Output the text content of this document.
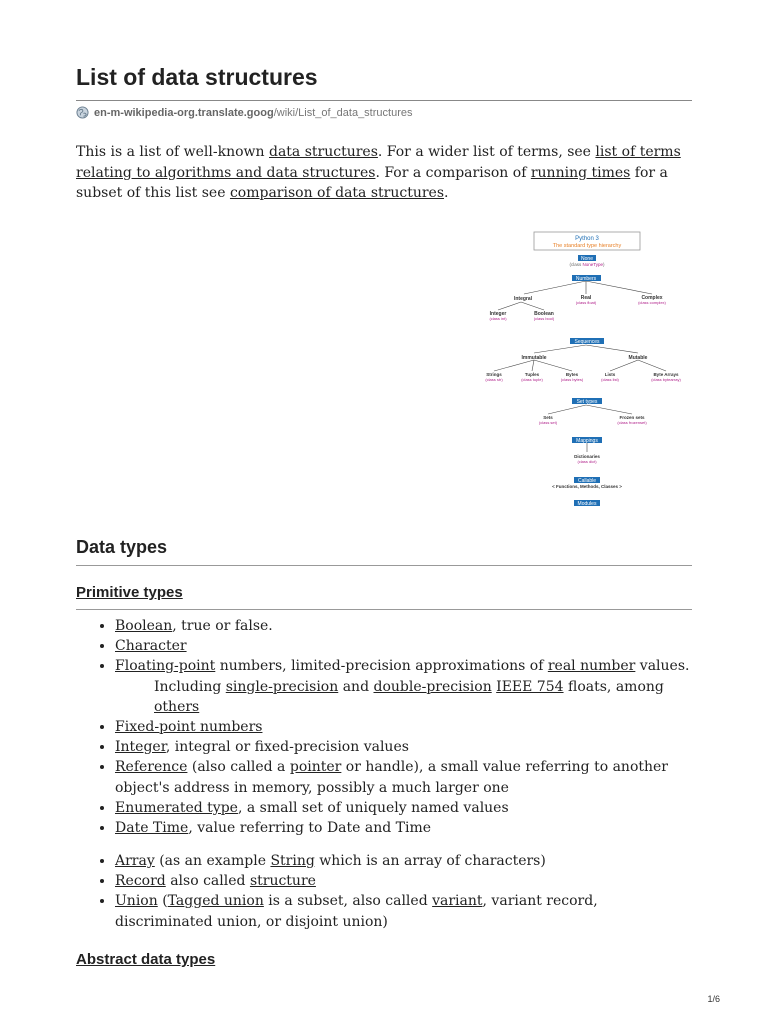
List of data structures
en-m-wikipedia-org.translate.goog /wiki/List_of_data_structures

This is a list of well-known data structures. For a wider list of terms, see list of terms relating to algorithms and data structures. For a comparison of running times for a subset of this list see comparison of data structures.

Python 3
The standard type hierarchy
None
(class NoneType)
Numbers
Integral	Real
(class float)
Complex
(class complex)
Integer
(class int)
Boolean
(class bool)
Sequences
Immutable	Mutable
Strings
(class str)
Tuples
(class tuple)
Bytes
(class bytes)
Lists
(class list)
Byte Arrays
(class bytearray)
Set types
Sets
(class set)
Frozen sets
(class frozenset)
Mappings
Dictionaries
(class dict)
Callable
< Functions, Methods, Classes >
Modules
Data types
Primitive types
• Boolean, true or false.
• Character
• Floating-point numbers, limited-precision approximations of real number values.
Including single-precision and double-precision IEEE 754 floats, among
others
• Fixed-point numbers
• Integer, integral or fixed-precision values
• Reference (also called a pointer or handle), a small value referring to another object's address in memory, possibly a much larger one
• Enumerated type, a small set of uniquely named values
• Date Time, value referring to Date and Time
• Array (as an example String which is an array of characters)
• Record also called structure
• Union (Tagged union is a subset, also called variant, variant record, discriminated union, or disjoint union)
Abstract data types
1/6
